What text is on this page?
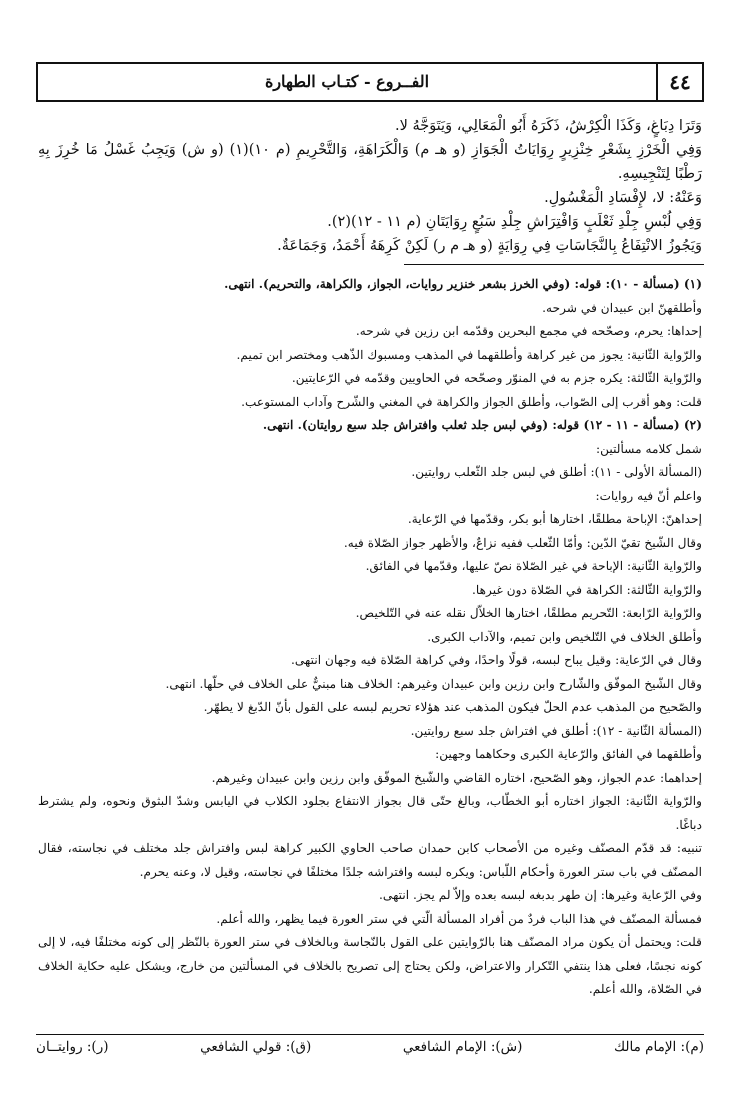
الفــروع - كتـاب الطهارة	٤٤

وَتَرَا دِبَاغٍ، وَكَذَا الْكِرْشُ، ذَكَرَهُ أَبُو الْمَعَالِي، وَيَتَوَجَّهُ لا.

وَفِي الْخَرْزِ بِشَعْرِ خِنْزِيرٍ رِوَايَاتُ الْجَوَازِ (و هـ م) وَالْكَرَاهَةِ، وَالتَّحْرِيمِ (م ١٠)(١) (و ش) وَيَجِبُ غَسْلُ مَا خُرِزَ بِهِ رَطْبًا لِتَنْجِيسِهِ.

وَعَنْهُ: لا، لإِفْسَادِ الْمَغْسُولِ.

وَفِي لُبْسِ جِلْدِ ثَعْلَبٍ وَافْتِرَاشِ جِلْدِ سَبُعٍ رِوَايَتَانِ (م ١١ - ١٢)(٢).

وَيَجُوزُ الانْتِفَاعُ بِالنَّجَاسَاتِ فِي رِوَايَةٍ (و هـ م ر) لَكِنْ كَرِهَهُ أَحْمَدُ، وَجَمَاعَةٌ.

(١) (مسألة - ١٠): قوله: (وفي الخرز بشعر خنزير روايات، الجواز، والكراهة، والتحريم). انتهى.

وأطلقهنّ ابن عبيدان في شرحه.

إحداها: يحرم، وصحّحه في مجمع البحرين وقدّمه ابن رزين في شرحه.

والرّواية الثّانية: يجوز من غير كراهة وأطلقهما في المذهب ومسبوك الذّهب ومختصر ابن تميم.

والرّواية الثّالثة: يكره جزم به في المنوّر وصحّحه في الحاويين وقدّمه في الرّعايتين.

قلت: وهو أقرب إلى الصّواب، وأطلق الجواز والكراهة في المغني والشّرح وآداب المستوعب.

(٢) (مسألة - ١١ - ١٢) قوله: (وفي لبس جلد ثعلب وافتراش جلد سبع روايتان). انتهى.

شمل كلامه مسألتين:

(المسألة الأولى - ١١): أطلق في لبس جلد الثّعلب روايتين.

واعلم أنّ فيه روايات:

إحداهنّ: الإباحة مطلقًا، اختارها أبو بكر، وقدّمها في الرّعاية.

وقال الشّيخ تقيّ الدّين: وأمّا الثّعلب ففيه نزاعٌ، والأظهر جواز الصّلاة فيه.

والرّواية الثّانية: الإباحة في غير الصّلاة نصّ عليها، وقدّمها في الفائق.

والرّواية الثّالثة: الكراهة في الصّلاة دون غيرها.

والرّواية الرّابعة: التّحريم مطلقًا، اختارها الخلاّل نقله عنه في التّلخيص.

وأطلق الخلاف في التّلخيص وابن تميم، والآداب الكبرى.

وقال في الرّعاية: وقيل يباح لبسه، قولًا واحدًا، وفي كراهة الصّلاة فيه وجهان انتهى.

وقال الشّيخ الموفّق والشّارح وابن رزين وابن عبيدان وغيرهم: الخلاف هنا مبنيٌّ على الخلاف في حلّها. انتهى.

والصّحيح من المذهب عدم الحلّ فيكون المذهب عند هؤلاء تحريم لبسه على القول بأنّ الدّبغ لا يطهّر.

(المسألة الثّانية - ١٢): أطلق في افتراش جلد سبع روايتين.

وأطلقهما في الفائق والرّعاية الكبرى وحكاهما وجهين:

إحداهما: عدم الجواز، وهو الصّحيح، اختاره القاضي والشّيخ الموفّق وابن رزين وابن عبيدان وغيرهم.

والرّواية الثّانية: الجواز اختاره أبو الخطّاب، وبالغ حتّى قال بجواز الانتفاع بجلود الكلاب في اليابس وشدّ البثوق ونحوه، ولم يشترط دباغًا.

تنبيه: قد قدّم المصنّف وغيره من الأصحاب كابن حمدان صاحب الحاوي الكبير كراهة لبس وافتراش جلد مختلف في نجاسته، فقال المصنّف في باب ستر العورة وأحكام اللّباس: ويكره لبسه وافتراشه جلدًا مختلفًا في نجاسته، وقيل لا، وعنه يحرم.

وفي الرّعاية وغيرها: إن طهر بدبغه لبسه بعده وإلاّ لم يجز. انتهى.

فمسألة المصنّف في هذا الباب فردٌ من أفراد المسألة الّتي في ستر العورة فيما يظهر، والله أعلم.

قلت: ويحتمل أن يكون مراد المصنّف هنا بالرّوايتين على القول بالنّجاسة وبالخلاف في ستر العورة بالنّظر إلى كونه مختلفًا فيه، لا إلى كونه نجسًا، فعلى هذا ينتفي التّكرار والاعتراض، ولكن يحتاج إلى تصريح بالخلاف في المسألتين من خارج، ويشكل عليه حكاية الخلاف في الصّلاة، والله أعلم.

(م): الإمام مالك
(ش): الإمام الشافعي
(ق): قولي الشافعي
(ر): روايتــان
